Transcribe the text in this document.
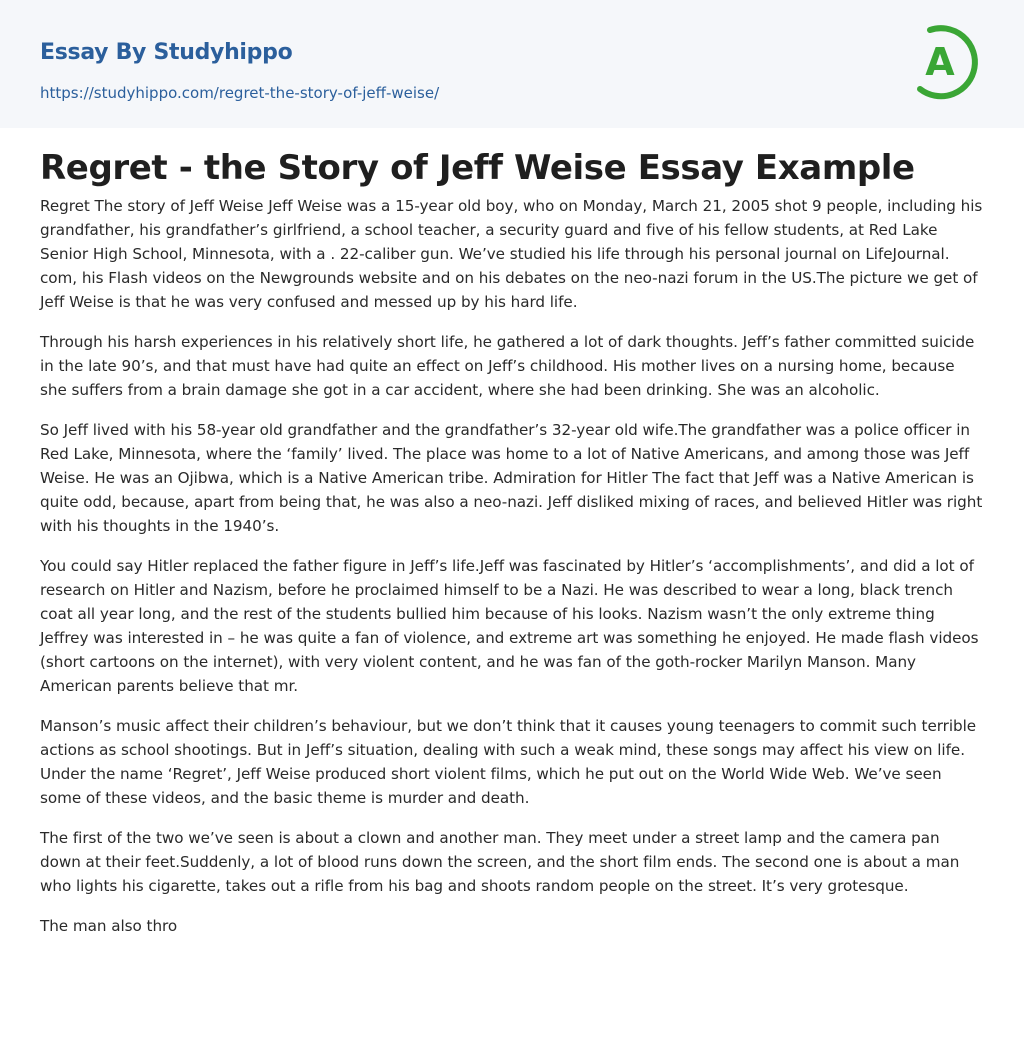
Essay By Studyhippo
https://studyhippo.com/regret-the-story-of-jeff-weise/
A
Regret - the Story of Jeff Weise Essay Example

Regret The story of Jeff Weise Jeff Weise was a 15-year old boy, who on Monday, March 21, 2005 shot 9 people, including his grandfather, his grandfather’s girlfriend, a school teacher, a security guard and five of his fellow students, at Red Lake Senior High School, Minnesota, with a . 22-caliber gun. We’ve studied his life through his personal journal on LifeJournal. com, his Flash videos on the Newgrounds website and on his debates on the neo-nazi forum in the US.The picture we get of Jeff Weise is that he was very confused and messed up by his hard life.

Through his harsh experiences in his relatively short life, he gathered a lot of dark thoughts. Jeff’s father committed suicide in the late 90’s, and that must have had quite an effect on Jeff’s childhood. His mother lives on a nursing home, because she suffers from a brain damage she got in a car accident, where she had been drinking. She was an alcoholic.

So Jeff lived with his 58-year old grandfather and the grandfather’s 32-year old wife.The grandfather was a police officer in Red Lake, Minnesota, where the ‘family’ lived. The place was home to a lot of Native Americans, and among those was Jeff Weise. He was an Ojibwa, which is a Native American tribe. Admiration for Hitler The fact that Jeff was a Native American is quite odd, because, apart from being that, he was also a neo-nazi. Jeff disliked mixing of races, and believed Hitler was right with his thoughts in the 1940’s.

You could say Hitler replaced the father figure in Jeff’s life.Jeff was fascinated by Hitler’s ‘accomplishments’, and did a lot of research on Hitler and Nazism, before he proclaimed himself to be a Nazi. He was described to wear a long, black trench coat all year long, and the rest of the students bullied him because of his looks. Nazism wasn’t the only extreme thing Jeffrey was interested in – he was quite a fan of violence, and extreme art was something he enjoyed. He made flash videos (short cartoons on the internet), with very violent content, and he was fan of the goth-rocker Marilyn Manson. Many American parents believe that mr.

Manson’s music affect their children’s behaviour, but we don’t think that it causes young teenagers to commit such terrible actions as school shootings. But in Jeff’s situation, dealing with such a weak mind, these songs may affect his view on life. Under the name ‘Regret’, Jeff Weise produced short violent films, which he put out on the World Wide Web. We’ve seen some of these videos, and the basic theme is murder and death.

The first of the two we’ve seen is about a clown and another man. They meet under a street lamp and the camera pan down at their feet.Suddenly, a lot of blood runs down the screen, and the short film ends. The second one is about a man who lights his cigarette, takes out a rifle from his bag and shoots random people on the street. It’s very grotesque.

The man also thro
